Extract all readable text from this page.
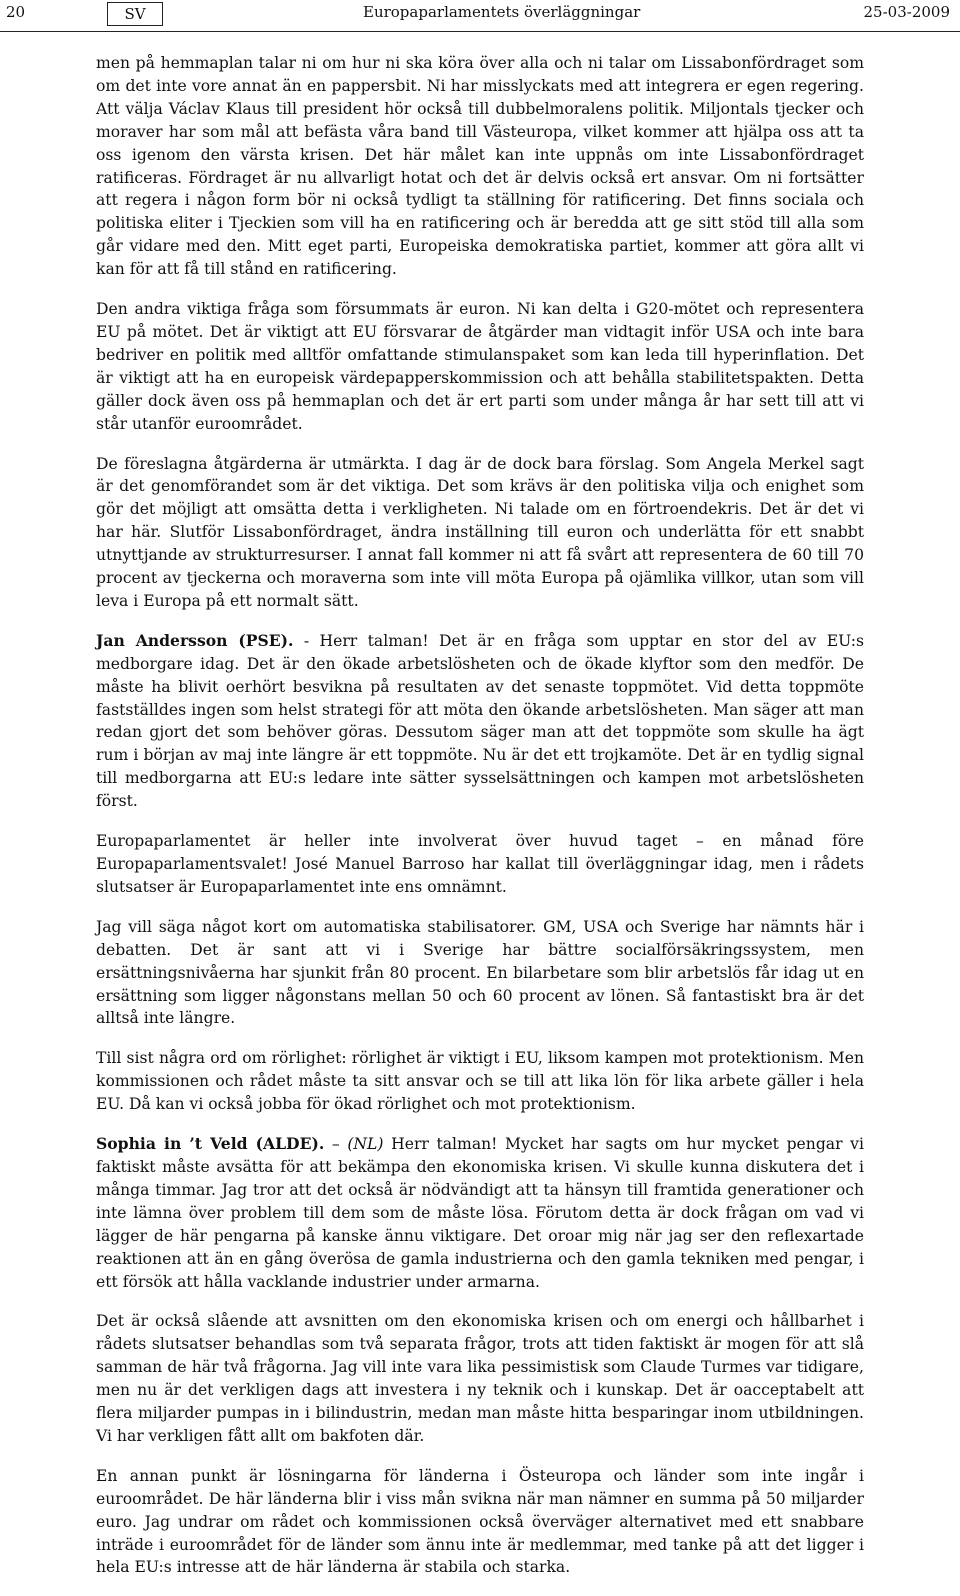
20	SV	Europaparlamentets överläggningar	25-03-2009

men på hemmaplan talar ni om hur ni ska köra över alla och ni talar om Lissabonfördraget som om det inte vore annat än en pappersbit. Ni har misslyckats med att integrera er egen regering. Att välja Václav Klaus till president hör också till dubbelmoralens politik. Miljontals tjecker och moraver har som mål att befästa våra band till Västeuropa, vilket kommer att hjälpa oss att ta oss igenom den värsta krisen. Det här målet kan inte uppnås om inte Lissabonfördraget ratificeras. Fördraget är nu allvarligt hotat och det är delvis också ert ansvar. Om ni fortsätter att regera i någon form bör ni också tydligt ta ställning för ratificering. Det finns sociala och politiska eliter i Tjeckien som vill ha en ratificering och är beredda att ge sitt stöd till alla som går vidare med den. Mitt eget parti, Europeiska demokratiska partiet, kommer att göra allt vi kan för att få till stånd en ratificering.

Den andra viktiga fråga som försummats är euron. Ni kan delta i G20-mötet och representera EU på mötet. Det är viktigt att EU försvarar de åtgärder man vidtagit inför USA och inte bara bedriver en politik med alltför omfattande stimulanspaket som kan leda till hyperinflation. Det är viktigt att ha en europeisk värdepapperskommission och att behålla stabilitetspakten. Detta gäller dock även oss på hemmaplan och det är ert parti som under många år har sett till att vi står utanför euroområdet.

De föreslagna åtgärderna är utmärkta. I dag är de dock bara förslag. Som Angela Merkel sagt är det genomförandet som är det viktiga. Det som krävs är den politiska vilja och enighet som gör det möjligt att omsätta detta i verkligheten. Ni talade om en förtroendekris. Det är det vi har här. Slutför Lissabonfördraget, ändra inställning till euron och underlätta för ett snabbt utnyttjande av strukturresurser. I annat fall kommer ni att få svårt att representera de 60 till 70 procent av tjeckerna och moraverna som inte vill möta Europa på ojämlika villkor, utan som vill leva i Europa på ett normalt sätt.

Jan Andersson (PSE). - Herr talman! Det är en fråga som upptar en stor del av EU:s medborgare idag. Det är den ökade arbetslösheten och de ökade klyftor som den medför. De måste ha blivit oerhört besvikna på resultaten av det senaste toppmötet. Vid detta toppmöte fastställdes ingen som helst strategi för att möta den ökande arbetslösheten. Man säger att man redan gjort det som behöver göras. Dessutom säger man att det toppmöte som skulle ha ägt rum i början av maj inte längre är ett toppmöte. Nu är det ett trojkamöte. Det är en tydlig signal till medborgarna att EU:s ledare inte sätter sysselsättningen och kampen mot arbetslösheten först.

Europaparlamentet är heller inte involverat över huvud taget – en månad före Europaparlamentsvalet! José Manuel Barroso har kallat till överläggningar idag, men i rådets slutsatser är Europaparlamentet inte ens omnämnt.

Jag vill säga något kort om automatiska stabilisatorer. GM, USA och Sverige har nämnts här i debatten. Det är sant att vi i Sverige har bättre socialförsäkringssystem, men ersättningsnivåerna har sjunkit från 80 procent. En bilarbetare som blir arbetslös får idag ut en ersättning som ligger någonstans mellan 50 och 60 procent av lönen. Så fantastiskt bra är det alltså inte längre.

Till sist några ord om rörlighet: rörlighet är viktigt i EU, liksom kampen mot protektionism. Men kommissionen och rådet måste ta sitt ansvar och se till att lika lön för lika arbete gäller i hela EU. Då kan vi också jobba för ökad rörlighet och mot protektionism.

Sophia in ’t Veld (ALDE). – (NL) Herr talman! Mycket har sagts om hur mycket pengar vi faktiskt måste avsätta för att bekämpa den ekonomiska krisen. Vi skulle kunna diskutera det i många timmar. Jag tror att det också är nödvändigt att ta hänsyn till framtida generationer och inte lämna över problem till dem som de måste lösa. Förutom detta är dock frågan om vad vi lägger de här pengarna på kanske ännu viktigare. Det oroar mig när jag ser den reflexartade reaktionen att än en gång överösa de gamla industrierna och den gamla tekniken med pengar, i ett försök att hålla vacklande industrier under armarna.

Det är också slående att avsnitten om den ekonomiska krisen och om energi och hållbarhet i rådets slutsatser behandlas som två separata frågor, trots att tiden faktiskt är mogen för att slå samman de här två frågorna. Jag vill inte vara lika pessimistisk som Claude Turmes var tidigare, men nu är det verkligen dags att investera i ny teknik och i kunskap. Det är oacceptabelt att flera miljarder pumpas in i bilindustrin, medan man måste hitta besparingar inom utbildningen. Vi har verkligen fått allt om bakfoten där.

En annan punkt är lösningarna för länderna i Östeuropa och länder som inte ingår i euroområdet. De här länderna blir i viss mån svikna när man nämner en summa på 50 miljarder euro. Jag undrar om rådet och kommissionen också överväger alternativet med ett snabbare inträde i euroområdet för de länder som ännu inte är medlemmar, med tanke på att det ligger i hela EU:s intresse att de här länderna är stabila och starka.
